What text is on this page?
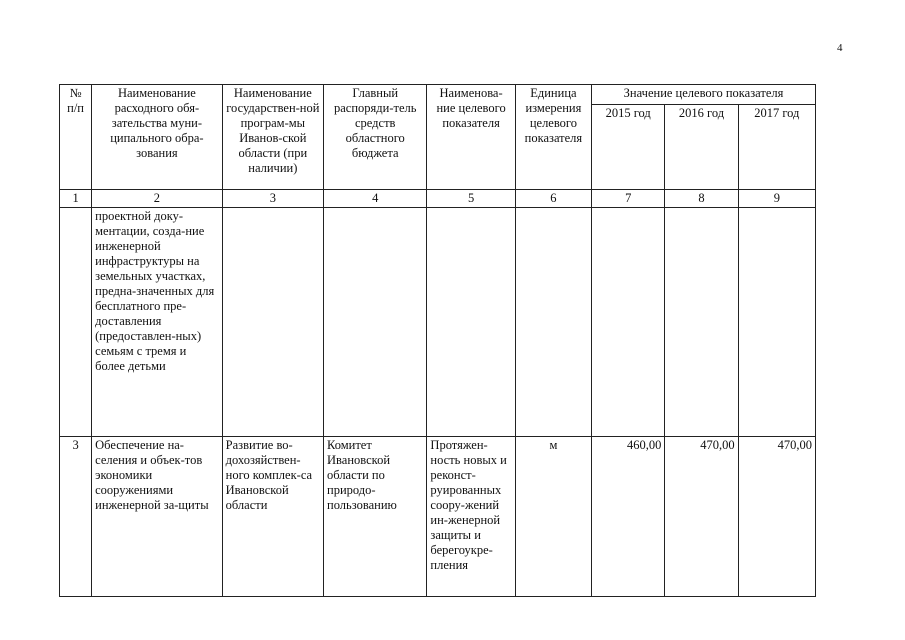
4
№ п/п	Наименование расходного обя-зательства муни-ципального обра-зования	Наименование государствен-ной програм-мы Иванов-ской области (при наличии)	Главный распоряди-тель средств областного бюджета	Наименова-ние целевого показателя	Единица измерения целевого показателя	Значение целевого показателя		
						2015 год	2016 год	2017 год
1	2	3	4	5	6	7	8	9
	проектной доку-ментации, созда-ние инженерной инфраструктуры на земельных участках, предна-значенных для бесплатного пре-доставления (предоставлен-ных) семьям с тремя и более детьми							
3	Обеспечение на-селения и объек-тов экономики сооружениями инженерной за-щиты	Развитие во-дохозяйствен-ного комплек-са Ивановской области	Комитет Ивановской области по природо-пользованию	Протяжен-ность новых и реконст-руированных соору-жений ин-женерной защиты и берегоукре-пления	м	460,00	470,00	470,00
